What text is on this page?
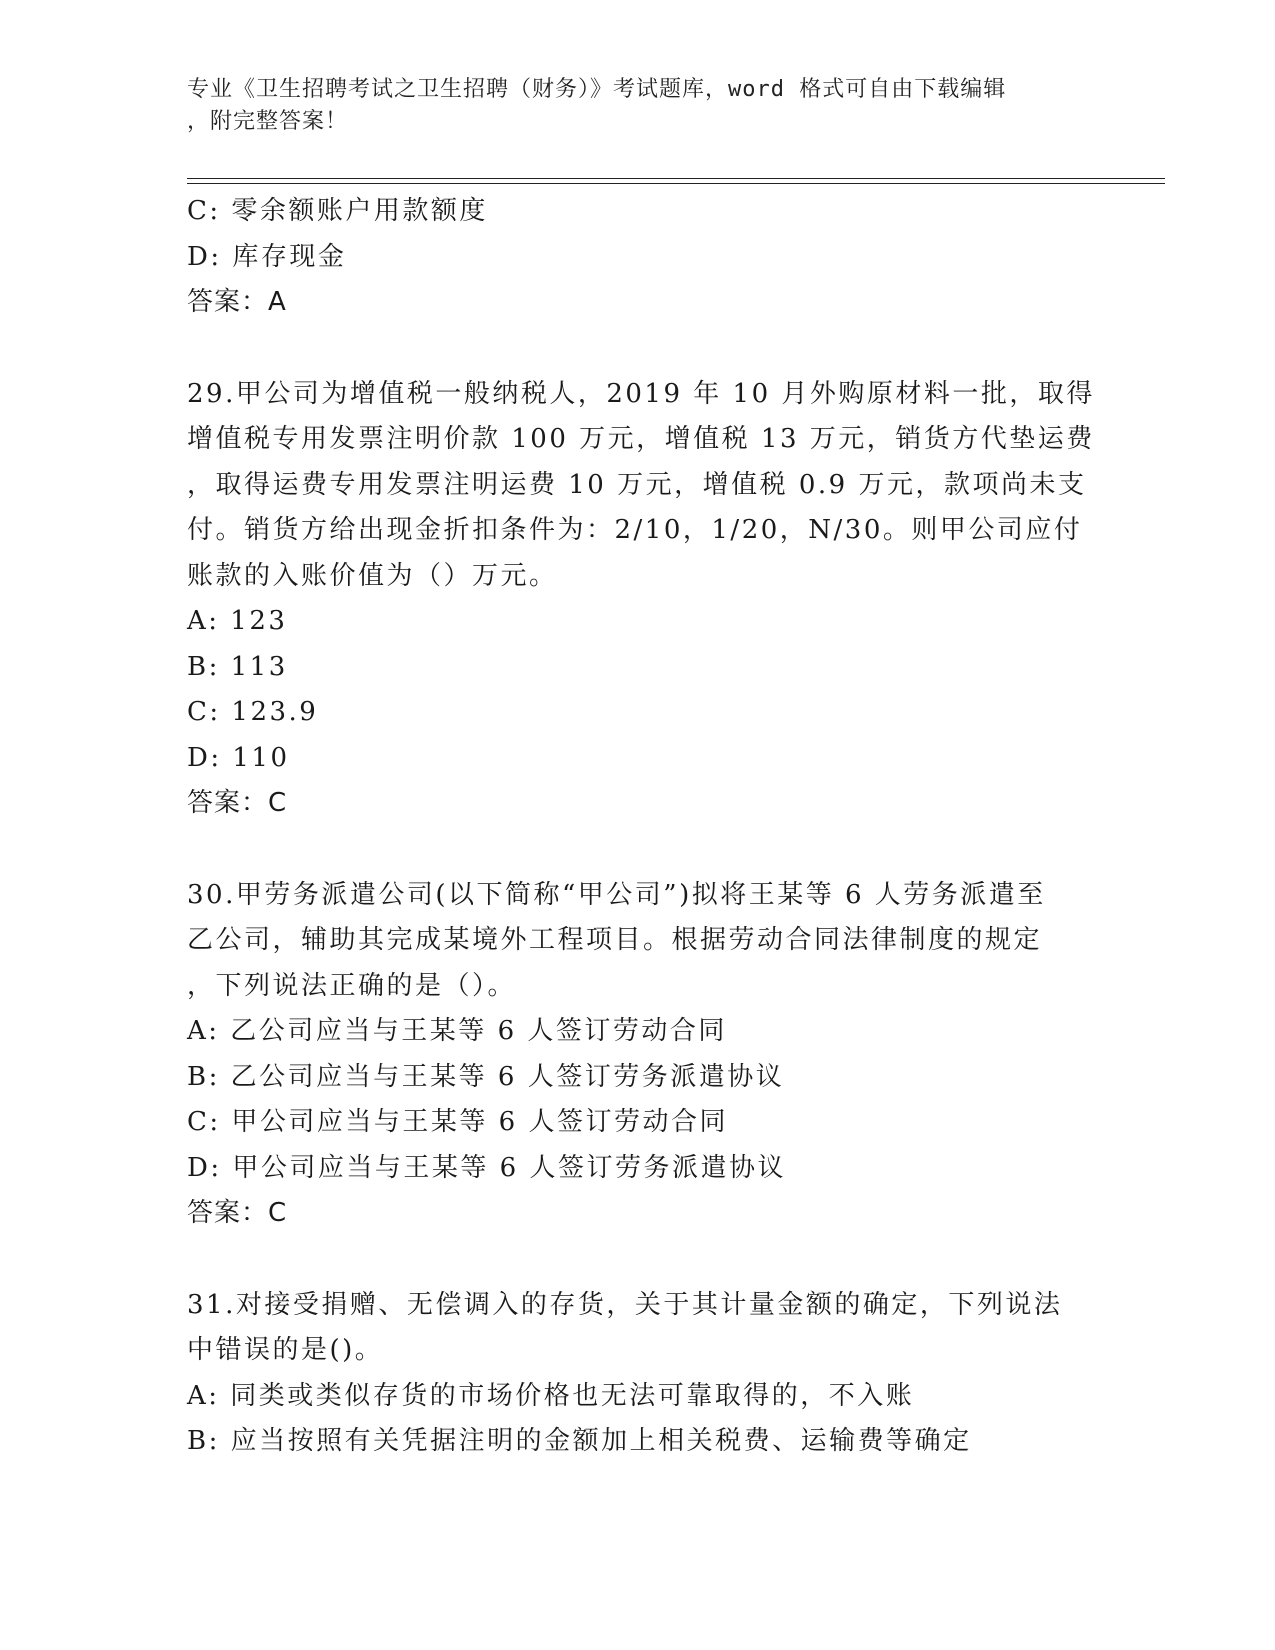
专业《卫生招聘考试之卫生招聘（财务）》考试题库，word 格式可自由下载编辑
，附完整答案！
C: 零余额账户用款额度
D: 库存现金
答案：A
29.甲公司为增值税一般纳税人，2019 年 10 月外购原材料一批，取得
增值税专用发票注明价款 100 万元，增值税 13 万元，销货方代垫运费
，取得运费专用发票注明运费 10 万元，增值税 0.9 万元，款项尚未支
付。销货方给出现金折扣条件为：2/10，1/20，N/30。则甲公司应付
账款的入账价值为（）万元。
A: 123
B: 113
C: 123.9
D: 110
答案：C
30.甲劳务派遣公司(以下简称“甲公司”)拟将王某等 6 人劳务派遣至
乙公司，辅助其完成某境外工程项目。根据劳动合同法律制度的规定
，下列说法正确的是（）。
A: 乙公司应当与王某等 6 人签订劳动合同
B: 乙公司应当与王某等 6 人签订劳务派遣协议
C: 甲公司应当与王某等 6 人签订劳动合同
D: 甲公司应当与王某等 6 人签订劳务派遣协议
答案：C
31.对接受捐赠、无偿调入的存货，关于其计量金额的确定，下列说法
中错误的是()。
A: 同类或类似存货的市场价格也无法可靠取得的，不入账
B: 应当按照有关凭据注明的金额加上相关税费、运输费等确定
